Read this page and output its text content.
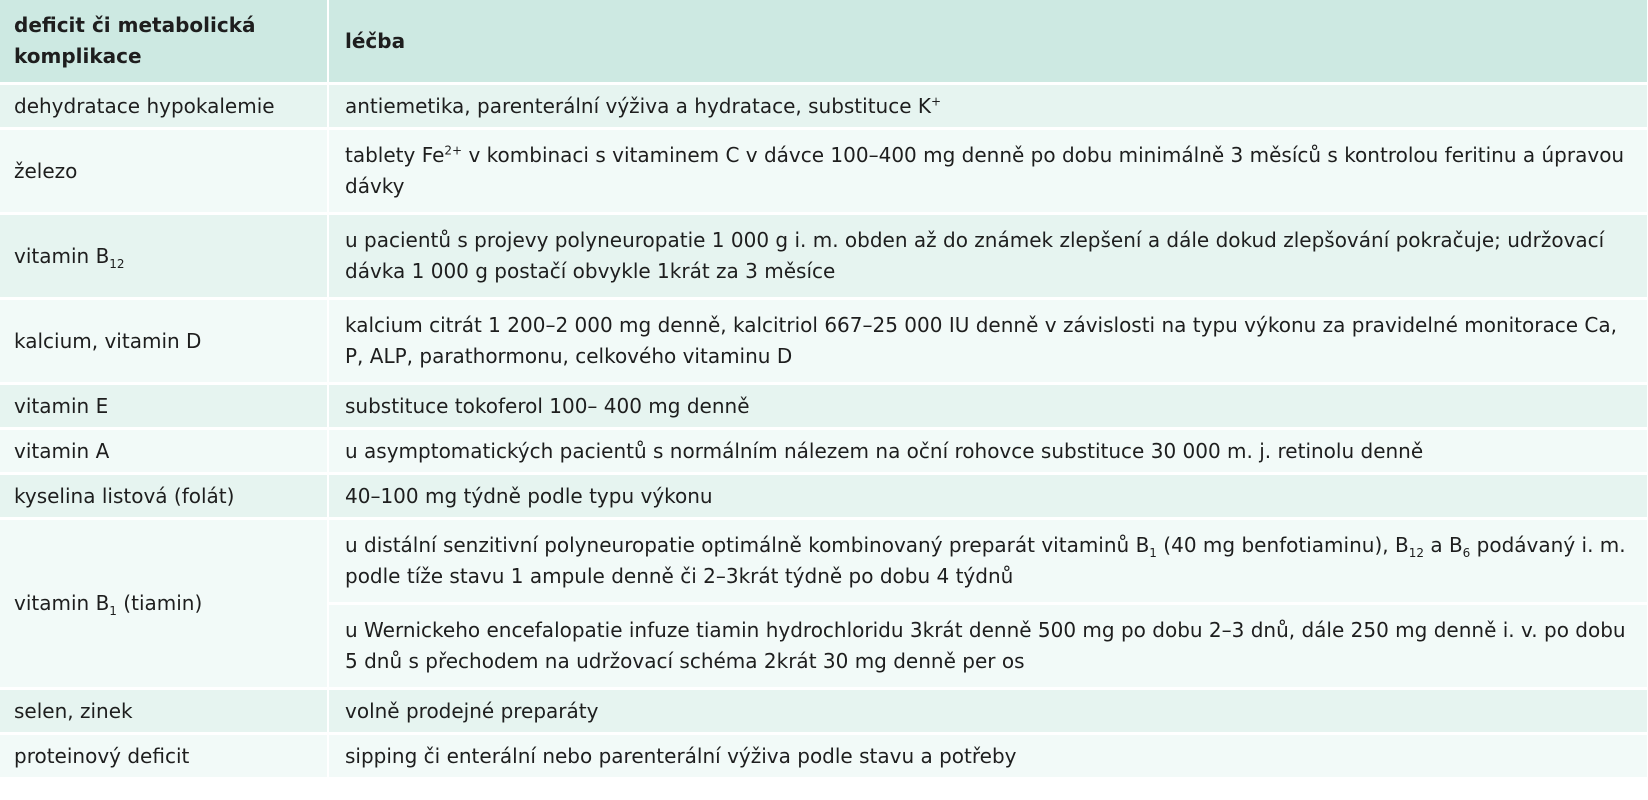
deficit či metabolická komplikace	léčba
dehydratace hypokalemie	antiemetika, parenterální výživa a hydratace, substituce K+
železo	tablety $Fe^{2+}$ v kombinaci s vitaminem C v dávce 100–400 mg denně po dobu minimálně 3 měsíců s kontrolou feritinu a úpravou dávky
vitamin $B_{12}$	u pacientů s projevy polyneuropatie 1 000 g i. m. obden až do známek zlepšení a dále dokud zlepšování pokračuje; udržovací dávka 1 000 g postačí obvykle 1krát za 3 měsíce
kalcium, vitamin D	kalcium citrát 1 200–2 000 mg denně, kalcitriol 667–25 000 IU denně v závislosti na typu výkonu za pravidelné monitorace Ca, P, ALP, parathormonu, celkového vitaminu D
vitamin E	substituce tokoferol 100– 400 mg denně
vitamin A	u asymptomatických pacientů s normálním nálezem na oční rohovce substituce 30 000 m. j. retinolu denně
kyselina listová (folát)	40–100 mg týdně podle typu výkonu
vitamin $B_1$ (tiamin)	u distální senzitivní polyneuropatie optimálně kombinovaný preparát vitaminů $B_1$ (40 mg benfotiaminu), $B_{12}$ a $B_6$ podávaný i. m. podle tíže stavu 1 ampule denně či 2–3krát týdně po dobu 4 týdnů
	u Wernickeho encefalopatie infuze tiamin hydrochloridu 3krát denně 500 mg po dobu 2–3 dnů, dále 250 mg denně i. v. po dobu 5 dnů s přechodem na udržovací schéma 2krát 30 mg denně per os
selen, zinek	volně prodejné preparáty
proteinový deficit	sipping či enterální nebo parenterální výživa podle stavu a potřeby
